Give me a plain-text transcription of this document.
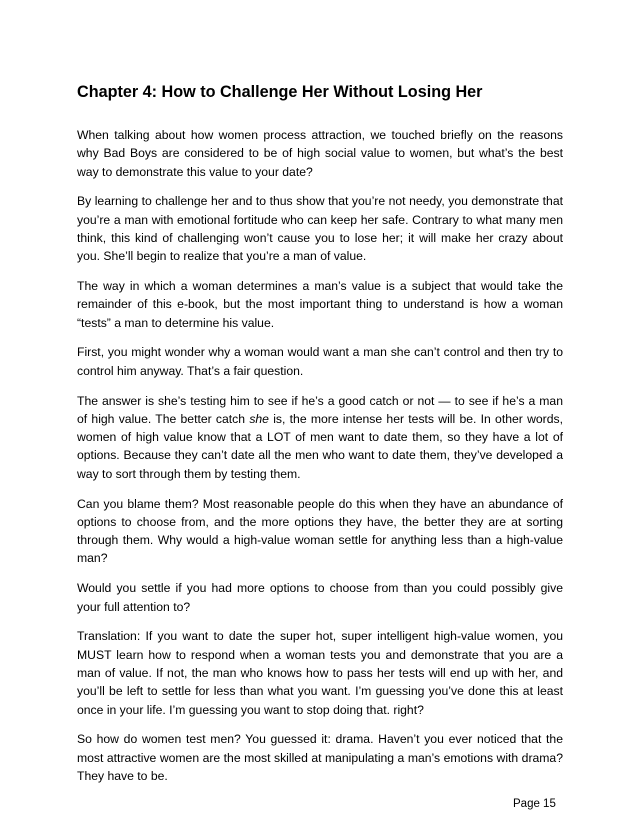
Chapter 4: How to Challenge Her Without Losing Her

When talking about how women process attraction, we touched briefly on the reasons why Bad Boys are considered to be of high social value to women, but what’s the best way to demonstrate this value to your date?

By learning to challenge her and to thus show that you’re not needy, you demonstrate that you’re a man with emotional fortitude who can keep her safe. Contrary to what many men think, this kind of challenging won’t cause you to lose her; it will make her crazy about you. She’ll begin to realize that you’re a man of value.

The way in which a woman determines a man’s value is a subject that would take the remainder of this e-book, but the most important thing to understand is how a woman “tests” a man to determine his value.

First, you might wonder why a woman would want a man she can’t control and then try to control him anyway. That’s a fair question.

The answer is she’s testing him to see if he’s a good catch or not — to see if he’s a man of high value. The better catch she is, the more intense her tests will be. In other words, women of high value know that a LOT of men want to date them, so they have a lot of options. Because they can’t date all the men who want to date them, they’ve developed a way to sort through them by testing them.

Can you blame them? Most reasonable people do this when they have an abundance of options to choose from, and the more options they have, the better they are at sorting through them. Why would a high-value woman settle for anything less than a high-value man?

Would you settle if you had more options to choose from than you could possibly give your full attention to?

Translation: If you want to date the super hot, super intelligent high-value women, you MUST learn how to respond when a woman tests you and demonstrate that you are a man of value. If not, the man who knows how to pass her tests will end up with her, and you’ll be left to settle for less than what you want. I’m guessing you’ve done this at least once in your life. I’m guessing you want to stop doing that. right?

So how do women test men? You guessed it: drama. Haven’t you ever noticed that the most attractive women are the most skilled at manipulating a man’s emotions with drama? They have to be.

Page 15
